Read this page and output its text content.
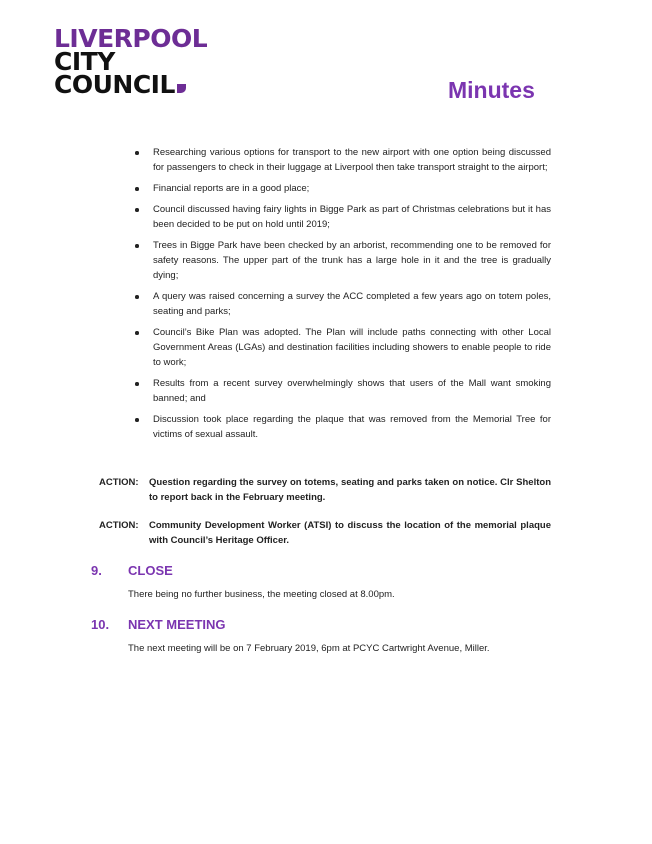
LIVERPOOL
CITY
COUNCIL	Minutes
Researching various options for transport to the new airport with one option being discussed for passengers to check in their luggage at Liverpool then take transport straight to the airport;
Financial reports are in a good place;
Council discussed having fairy lights in Bigge Park as part of Christmas celebrations but it has been decided to be put on hold until 2019;
Trees in Bigge Park have been checked by an arborist, recommending one to be removed for safety reasons. The upper part of the trunk has a large hole in it and the tree is gradually dying;
A query was raised concerning a survey the ACC completed a few years ago on totem poles, seating and parks;
Council’s Bike Plan was adopted. The Plan will include paths connecting with other Local Government Areas (LGAs) and destination facilities including showers to enable people to ride to work;
Results from a recent survey overwhelmingly shows that users of the Mall want smoking banned; and
Discussion took place regarding the plaque that was removed from the Memorial Tree for victims of sexual assault.
ACTION:	Question regarding the survey on totems, seating and parks taken on notice. Clr Shelton to report back in the February meeting.
ACTION:	Community Development Worker (ATSI) to discuss the location of the memorial plaque with Council’s Heritage Officer.
9. CLOSE
There being no further business, the meeting closed at 8.00pm.
10. NEXT MEETING
The next meeting will be on 7 February 2019, 6pm at PCYC Cartwright Avenue, Miller.
